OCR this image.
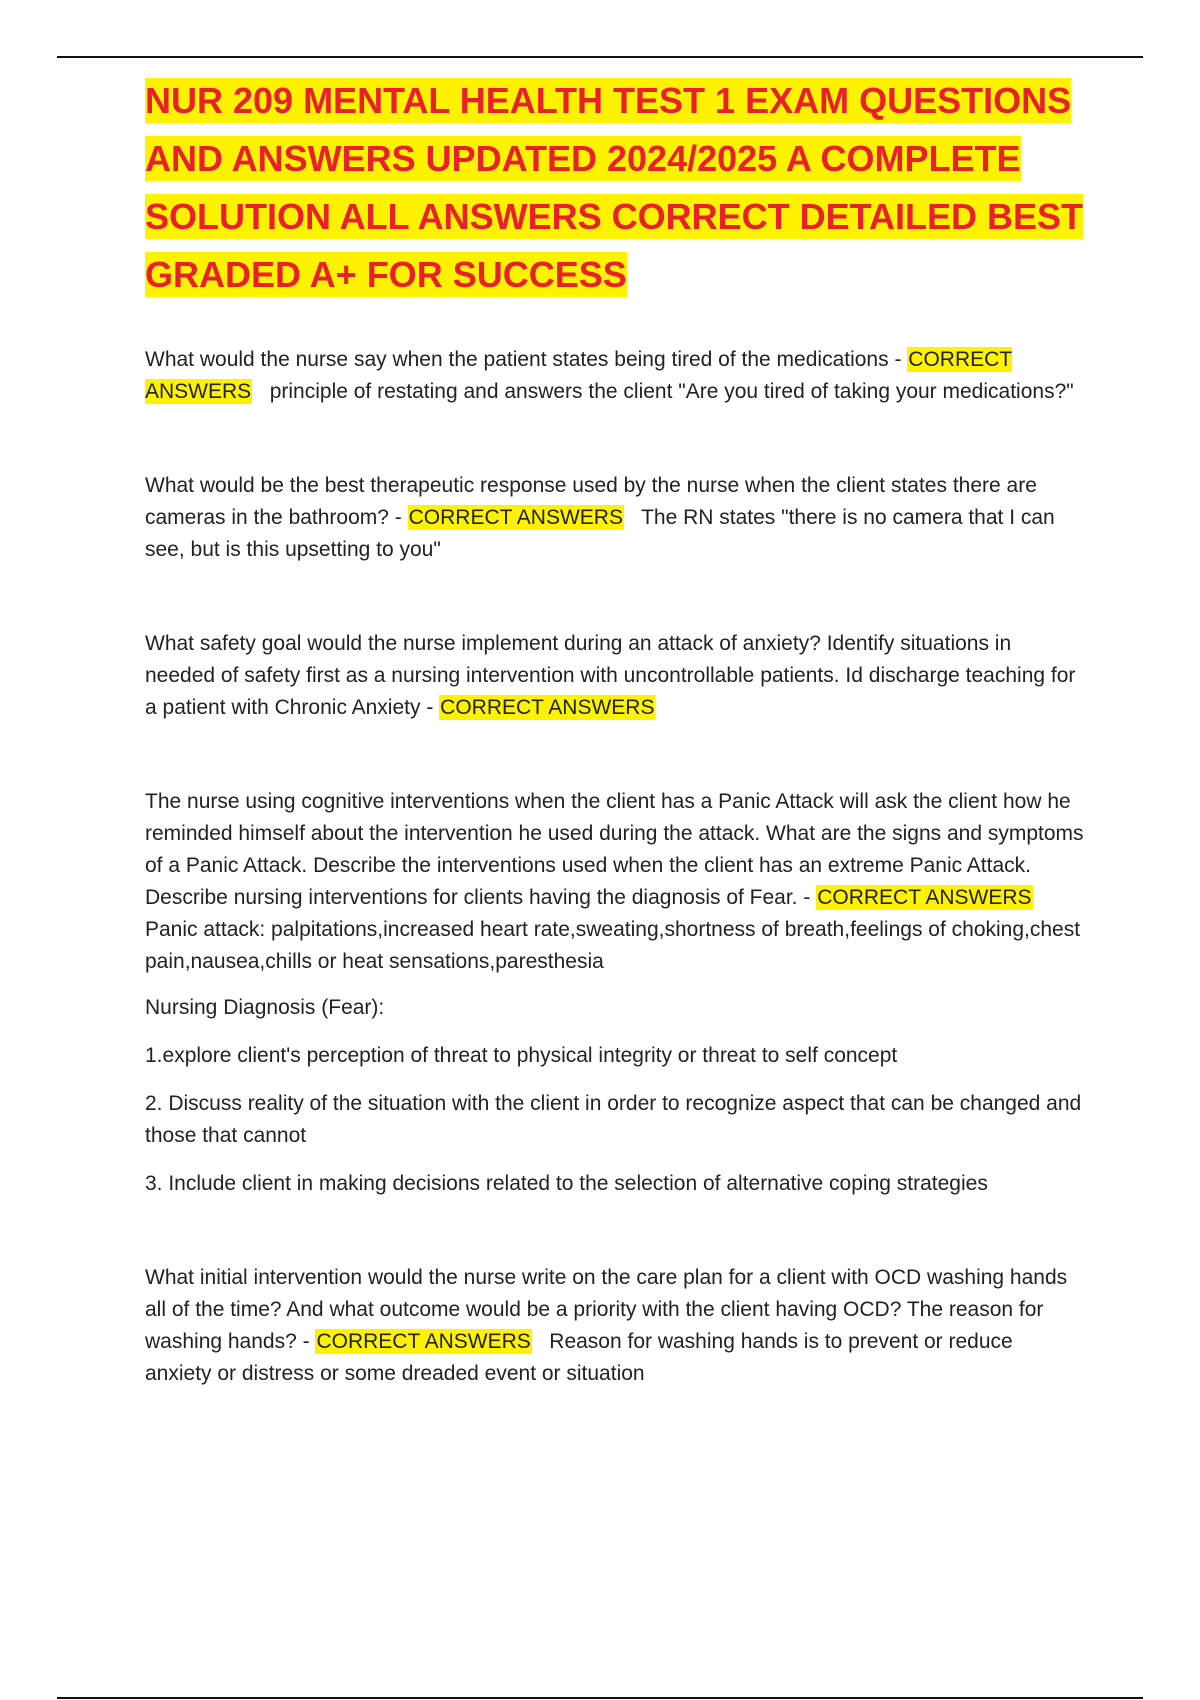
NUR 209 MENTAL HEALTH TEST 1 EXAM QUESTIONS AND ANSWERS UPDATED 2024/2025 A COMPLETE SOLUTION ALL ANSWERS CORRECT DETAILED BEST GRADED A+ FOR SUCCESS

What would the nurse say when the patient states being tired of the medications - CORRECT ANSWERS principle of restating and answers the client "Are you tired of taking your medications?"

What would be the best therapeutic response used by the nurse when the client states there are cameras in the bathroom? - CORRECT ANSWERS The RN states "there is no camera that I can see, but is this upsetting to you"

What safety goal would the nurse implement during an attack of anxiety? Identify situations in needed of safety first as a nursing intervention with uncontrollable patients. Id discharge teaching for a patient with Chronic Anxiety - CORRECT ANSWERS

The nurse using cognitive interventions when the client has a Panic Attack will ask the client how he reminded himself about the intervention he used during the attack. What are the signs and symptoms of a Panic Attack. Describe the interventions used when the client has an extreme Panic Attack. Describe nursing interventions for clients having the diagnosis of Fear. - CORRECT ANSWERS   Panic attack: palpitations,increased heart rate,sweating,shortness of breath,feelings of choking,chest pain,nausea,chills or heat sensations,paresthesia

Nursing Diagnosis (Fear):

1.explore client's perception of threat to physical integrity or threat to self concept

2. Discuss reality of the situation with the client in order to recognize aspect that can be changed and those that cannot

3. Include client in making decisions related to the selection of alternative coping strategies

What initial intervention would the nurse write on the care plan for a client with OCD washing hands all of the time? And what outcome would be a priority with the client having OCD? The reason for washing hands? - CORRECT ANSWERS Reason for washing hands is to prevent or reduce anxiety or distress or some dreaded event or situation
